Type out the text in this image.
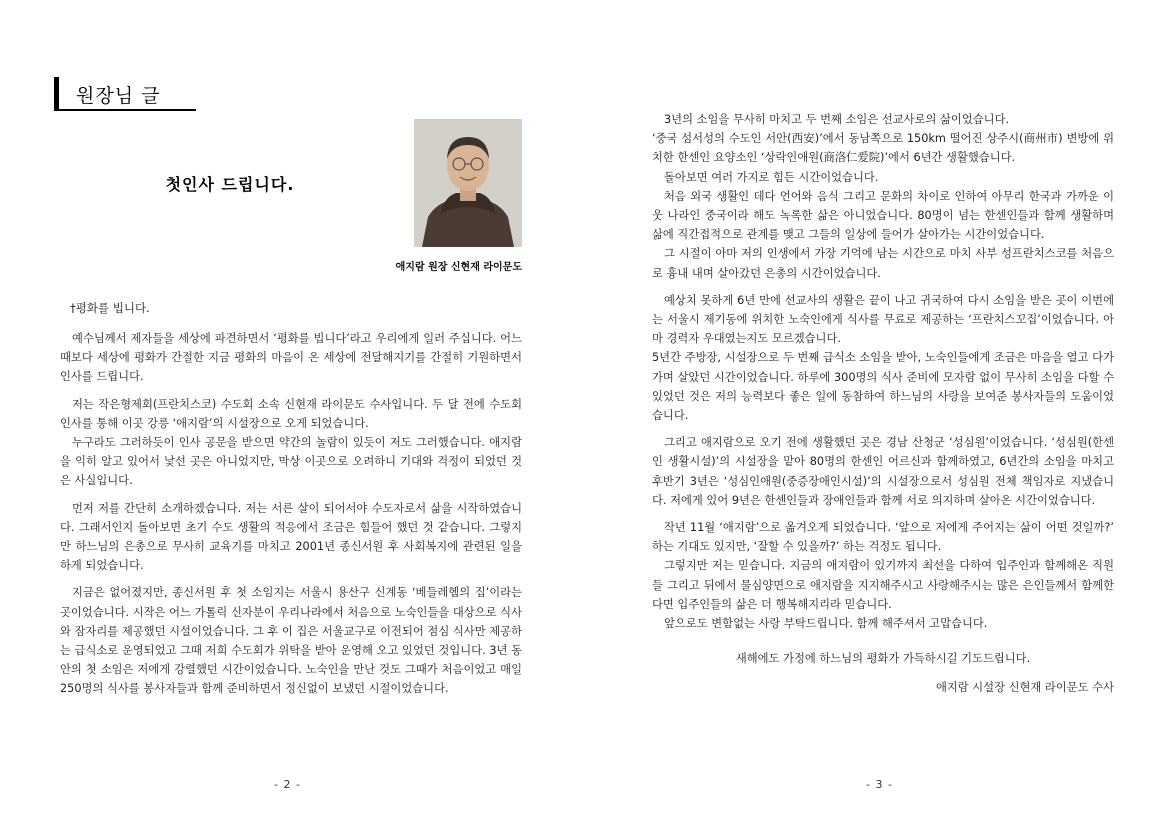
원장님 글
첫인사 드립니다.
애지람 원장 신현재 라이문도
†평화를 빕니다.

예수님께서 제자들을 세상에 파견하면서 ‘평화를 빕니다’라고 우리에게 일러 주십니다. 어느 때보다 세상에 평화가 간절한 지금 평화의 마음이 온 세상에 전달해지기를 간절히 기원하면서 인사를 드립니다.

저는 작은형제회(프란치스코) 수도회 소속 신현재 라이문도 수사입니다. 두 달 전에 수도회 인사를 통해 이곳 강릉 ‘애지람’의 시설장으로 오게 되었습니다.

누구라도 그러하듯이 인사 공문을 받으면 약간의 놀람이 있듯이 저도 그러했습니다. 애지람을 익히 알고 있어서 낯선 곳은 아니었지만, 막상 이곳으로 오려하니 기대와 걱정이 되었던 것은 사실입니다.

먼저 저를 간단히 소개하겠습니다. 저는 서른 살이 되어서야 수도자로서 삶을 시작하였습니다. 그래서인지 돌아보면 초기 수도 생활의 적응에서 조금은 힘들어 했던 것 같습니다. 그렇지만 하느님의 은총으로 무사히 교육기를 마치고 2001년 종신서원 후 사회복지에 관련된 일을 하게 되었습니다.

지금은 없어졌지만, 종신서원 후 첫 소임지는 서울시 용산구 신계동 ‘베들레헴의 집’이라는 곳이었습니다. 시작은 어느 가톨릭 신자분이 우리나라에서 처음으로 노숙인들을 대상으로 식사와 잠자리를 제공했던 시설이었습니다. 그 후 이 집은 서울교구로 이전되어 점심 식사만 제공하는 급식소로 운영되었고 그때 저희 수도회가 위탁을 받아 운영해 오고 있었던 것입니다. 3년 동안의 첫 소임은 저에게 강렬했던 시간이었습니다. 노숙인을 만난 것도 그때가 처음이었고 매일 250명의 식사를 봉사자들과 함께 준비하면서 정신없이 보냈던 시절이었습니다.

3년의 소임을 무사히 마치고 두 번째 소임은 선교사로의 삶이었습니다.

‘중국 섬서성의 수도인 서안(西安)’에서 동남쪽으로 150km 떨어진 상주시(商州市) 변방에 위치한 한센인 요양소인 ‘상락인애원(商洛仁爱院)’에서 6년간 생활했습니다.

돌아보면 여러 가지로 힘든 시간이었습니다.

처음 외국 생활인 데다 언어와 음식 그리고 문화의 차이로 인하여 아무리 한국과 가까운 이웃 나라인 중국이라 해도 녹록한 삶은 아니었습니다. 80명이 넘는 한센인들과 함께 생활하며 삶에 직간접적으로 관계를 맺고 그들의 일상에 들어가 살아가는 시간이었습니다.

그 시절이 아마 저의 인생에서 가장 기억에 남는 시간으로 마치 사부 성프란치스코를 처음으로 흉내 내며 살아갔던 은총의 시간이었습니다.

예상치 못하게 6년 만에 선교사의 생활은 끝이 나고 귀국하여 다시 소임을 받은 곳이 이번에는 서울시 제기동에 위치한 노숙인에게 식사를 무료로 제공하는 ‘프란치스꼬집’이었습니다. 아마 경력자 우대였는지도 모르겠습니다.

5년간 주방장, 시설장으로 두 번째 급식소 소임을 받아, 노숙인들에게 조금은 마음을 열고 다가가며 살았던 시간이었습니다. 하루에 300명의 식사 준비에 모자람 없이 무사히 소임을 다할 수 있었던 것은 저의 능력보다 좋은 일에 동참하여 하느님의 사랑을 보여준 봉사자들의 도움이었습니다.

그리고 애지람으로 오기 전에 생활했던 곳은 경남 산청군 ‘성심원’이었습니다. ‘성심원(한센인 생활시설)’의 시설장을 맡아 80명의 한센인 어르신과 함께하였고, 6년간의 소임을 마치고 후반기 3년은 ‘성심인애원(중증장애인시설)’의 시설장으로서 성심원 전체 책임자로 지냈습니다. 저에게 있어 9년은 한센인들과 장애인들과 함께 서로 의지하며 살아온 시간이었습니다.

작년 11월 ‘애지람’으로 옮겨오게 되었습니다. ‘앞으로 저에게 주어지는 삶이 어떤 것일까?’ 하는 기대도 있지만, ‘잘할 수 있을까?’ 하는 걱정도 됩니다.

그렇지만 저는 믿습니다. 지금의 애지람이 있기까지 최선을 다하여 입주인과 함께해온 직원들 그리고 뒤에서 물심양면으로 애지람을 지지해주시고 사랑해주시는 많은 은인들께서 함께한다면 입주인들의 삶은 더 행복해지리라 믿습니다.

앞으로도 변함없는 사랑 부탁드립니다. 함께 해주셔서 고맙습니다.

새해에도 가정에 하느님의 평화가 가득하시길 기도드립니다.

애지람 시설장 신현재 라이문도 수사

- 2 -	- 3 -
